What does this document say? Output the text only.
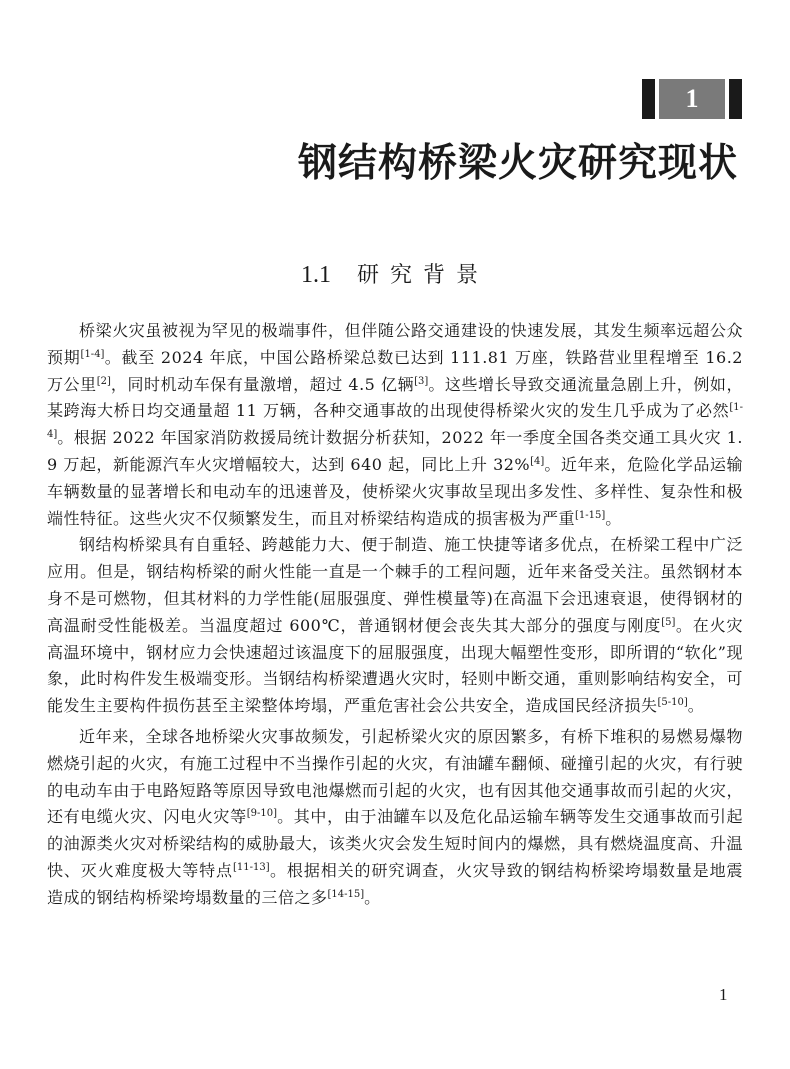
1
钢结构桥梁火灾研究现状
1.1 研究背景

桥梁火灾虽被视为罕见的极端事件，但伴随公路交通建设的快速发展，其发生频率远超公众预期[1-4]。截至 2024 年底，中国公路桥梁总数已达到 111.81 万座，铁路营业里程增至 16.2 万公里[2]，同时机动车保有量激增，超过 4.5 亿辆[3]。这些增长导致交通流量急剧上升，例如，某跨海大桥日均交通量超 11 万辆，各种交通事故的出现使得桥梁火灾的发生几乎成为了必然[1-4]。根据 2022 年国家消防救援局统计数据分析获知，2022 年一季度全国各类交通工具火灾 1.9 万起，新能源汽车火灾增幅较大，达到 640 起，同比上升 32%[4]。近年来，危险化学品运输车辆数量的显著增长和电动车的迅速普及，使桥梁火灾事故呈现出多发性、多样性、复杂性和极端性特征。这些火灾不仅频繁发生，而且对桥梁结构造成的损害极为严重[1-15]。

钢结构桥梁具有自重轻、跨越能力大、便于制造、施工快捷等诸多优点，在桥梁工程中广泛应用。但是，钢结构桥梁的耐火性能一直是一个棘手的工程问题，近年来备受关注。虽然钢材本身不是可燃物，但其材料的力学性能(屈服强度、弹性模量等)在高温下会迅速衰退，使得钢材的高温耐受性能极差。当温度超过 600℃，普通钢材便会丧失其大部分的强度与刚度[5]。在火灾高温环境中，钢材应力会快速超过该温度下的屈服强度，出现大幅塑性变形，即所谓的“软化”现象，此时构件发生极端变形。当钢结构桥梁遭遇火灾时，轻则中断交通，重则影响结构安全，可能发生主要构件损伤甚至主梁整体垮塌，严重危害社会公共安全，造成国民经济损失[5-10]。

近年来，全球各地桥梁火灾事故频发，引起桥梁火灾的原因繁多，有桥下堆积的易燃易爆物燃烧引起的火灾，有施工过程中不当操作引起的火灾，有油罐车翻倾、碰撞引起的火灾，有行驶的电动车由于电路短路等原因导致电池爆燃而引起的火灾，也有因其他交通事故而引起的火灾，还有电缆火灾、闪电火灾等[9-10]。其中，由于油罐车以及危化品运输车辆等发生交通事故而引起的油源类火灾对桥梁结构的威胁最大，该类火灾会发生短时间内的爆燃，具有燃烧温度高、升温快、灭火难度极大等特点[11-13]。根据相关的研究调查，火灾导致的钢结构桥梁垮塌数量是地震造成的钢结构桥梁垮塌数量的三倍之多[14-15]。

1
